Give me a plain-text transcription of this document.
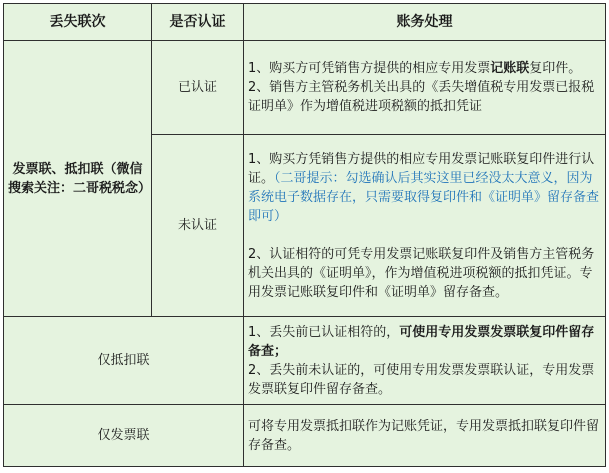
丢失联次	是否认证	账务处理
发票联、抵扣联（微信搜索关注：二哥税税念）	已认证	1、购买方可凭销售方提供的相应专用发票记账联复印件。

2、销售方主管税务机关出具的《丢失增值税专用发票已报税证明单》作为增值税进项税额的抵扣凭证

	未认证	1、购买方凭销售方提供的相应专用发票记账联复印件进行认证。（二哥提示：勾选确认后其实这里已经没太大意义，因为系统电子数据存在，只需要取得复印件和《证明单》留存备查即可）

2、认证相符的可凭专用发票记账联复印件及销售方主管税务机关出具的《证明单》，作为增值税进项税额的抵扣凭证。专用发票记账联复印件和《证明单》留存备查。

仅抵扣联		1、丢失前已认证相符的，可使用专用发票发票联复印件留存备查；

2、丢失前未认证的，可使用专用发票发票联认证，专用发票发票联复印件留存备查。

仅发票联		可将专用发票抵扣联作为记账凭证，专用发票抵扣联复印件留存备查。
